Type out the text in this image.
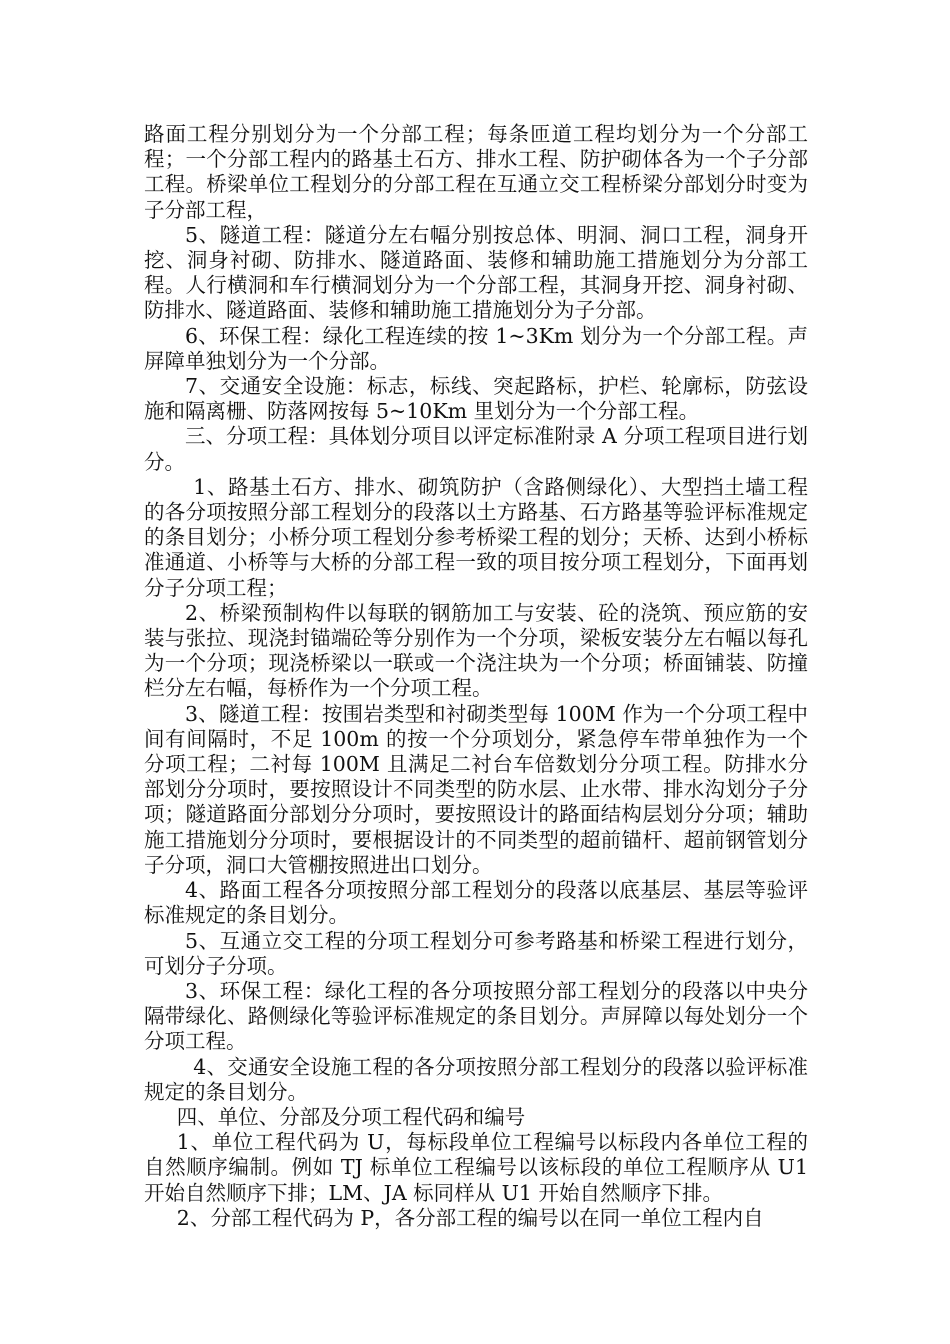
路面工程分别划分为一个分部工程；每条匝道工程均划分为一个分部工程；一个分部工程内的路基土石方、排水工程、防护砌体各为一个子分部工程。桥梁单位工程划分的分部工程在互通立交工程桥梁分部划分时变为子分部工程，

5、隧道工程：隧道分左右幅分别按总体、明洞、洞口工程，洞身开挖、洞身衬砌、防排水、隧道路面、装修和辅助施工措施划分为分部工程。人行横洞和车行横洞划分为一个分部工程，其洞身开挖、洞身衬砌、防排水、隧道路面、装修和辅助施工措施划分为子分部。

6、环保工程：绿化工程连续的按 1~3Km 划分为一个分部工程。声屏障单独划分为一个分部。

7、交通安全设施：标志，标线、突起路标，护栏、轮廓标，防弦设施和隔离栅、防落网按每 5~10Km 里划分为一个分部工程。

三、分项工程：具体划分项目以评定标准附录 A 分项工程项目进行划分。

1、路基土石方、排水、砌筑防护（含路侧绿化）、大型挡土墙工程的各分项按照分部工程划分的段落以土方路基、石方路基等验评标准规定的条目划分；小桥分项工程划分参考桥梁工程的划分；天桥、达到小桥标准通道、小桥等与大桥的分部工程一致的项目按分项工程划分，下面再划分子分项工程；

2、桥梁预制构件以每联的钢筋加工与安装、砼的浇筑、预应筋的安装与张拉、现浇封锚端砼等分别作为一个分项，梁板安装分左右幅以每孔为一个分项；现浇桥梁以一联或一个浇注块为一个分项；桥面铺装、防撞栏分左右幅，每桥作为一个分项工程。

3、隧道工程：按围岩类型和衬砌类型每 100M 作为一个分项工程中间有间隔时，不足 100m 的按一个分项划分，紧急停车带单独作为一个分项工程；二衬每 100M 且满足二衬台车倍数划分分项工程。防排水分部划分分项时，要按照设计不同类型的防水层、止水带、排水沟划分子分项；隧道路面分部划分分项时，要按照设计的路面结构层划分分项；辅助施工措施划分分项时，要根据设计的不同类型的超前锚杆、超前钢管划分子分项，洞口大管棚按照进出口划分。

4、路面工程各分项按照分部工程划分的段落以底基层、基层等验评标准规定的条目划分。

5、互通立交工程的分项工程划分可参考路基和桥梁工程进行划分，可划分子分项。

3、环保工程：绿化工程的各分项按照分部工程划分的段落以中央分隔带绿化、路侧绿化等验评标准规定的条目划分。声屏障以每处划分一个分项工程。

4、交通安全设施工程的各分项按照分部工程划分的段落以验评标准规定的条目划分。

四、单位、分部及分项工程代码和编号

1、单位工程代码为 U，每标段单位工程编号以标段内各单位工程的自然顺序编制。例如 TJ 标单位工程编号以该标段的单位工程顺序从 U1 开始自然顺序下排；LM、JA 标同样从 U1 开始自然顺序下排。

2、分部工程代码为 P，各分部工程的编号以在同一单位工程内自
